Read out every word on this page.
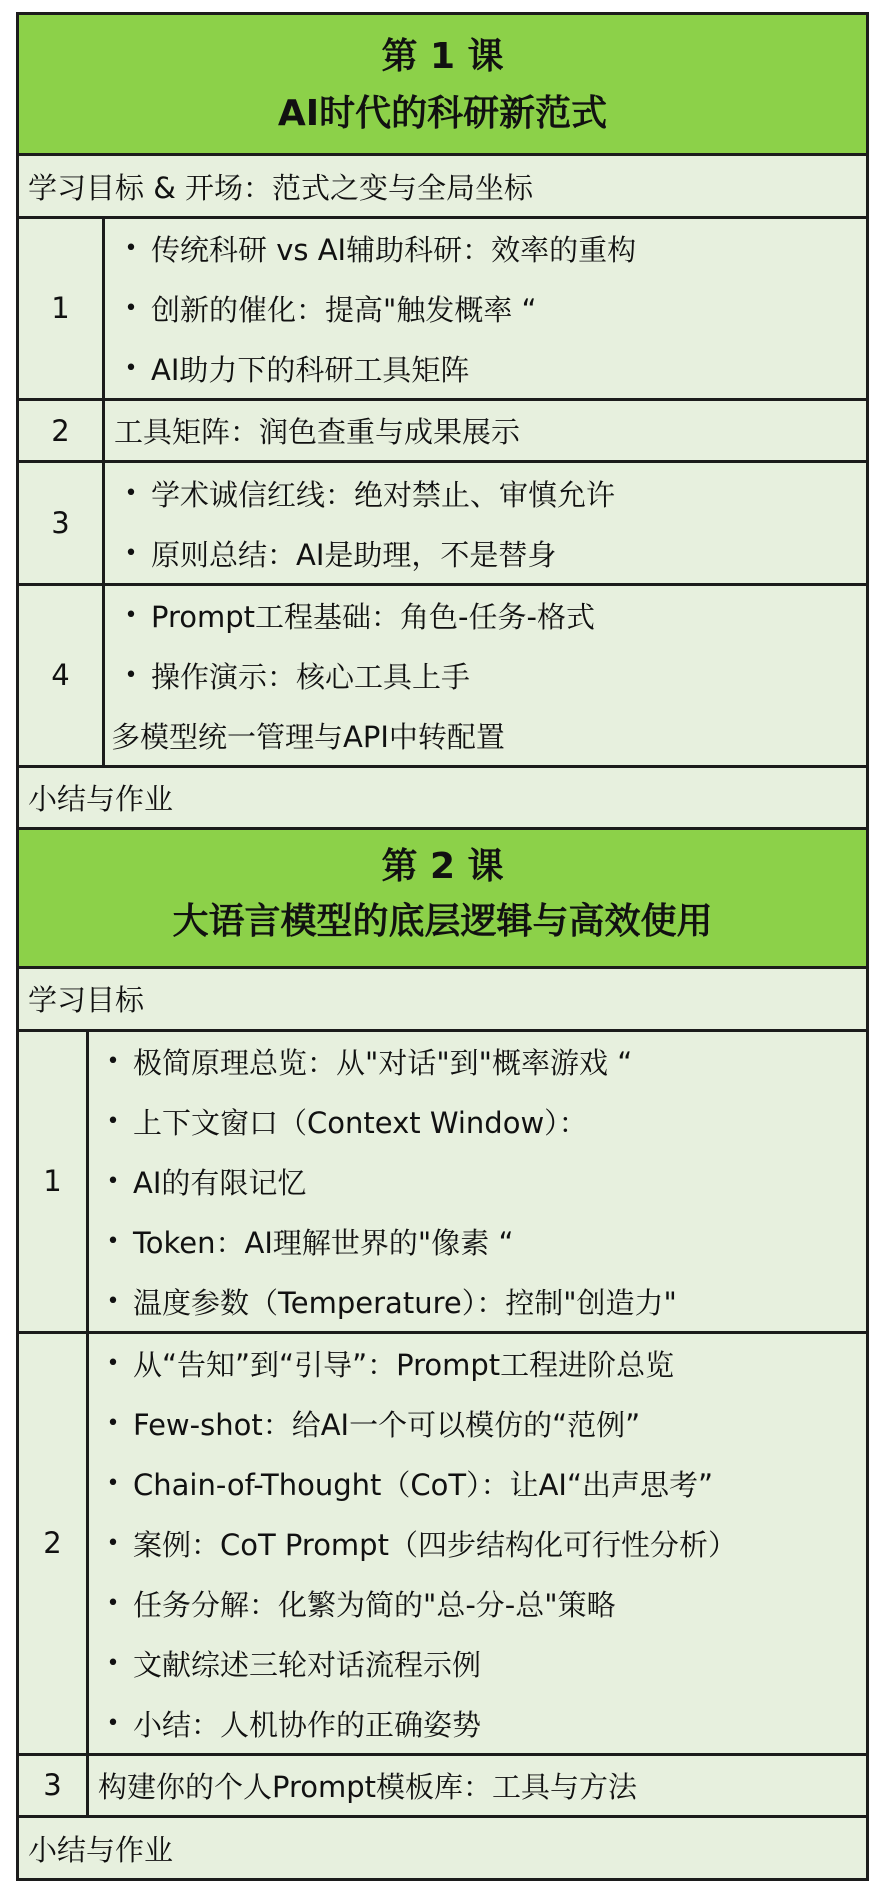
第 1 课
AI时代的科研新范式
学习目标 & 开场：范式之变与全局坐标
1
• 传统科研 vs AI辅助科研：效率的重构
• 创新的催化：提高"触发概率 “
• AI助力下的科研工具矩阵
2	工具矩阵：润色查重与成果展示
3
• 学术诚信红线：绝对禁止、审慎允许
• 原则总结：AI是助理，不是替身
4
• Prompt工程基础：角色-任务-格式
• 操作演示：核心工具上手
多模型统一管理与API中转配置
小结与作业
第 2 课
大语言模型的底层逻辑与高效使用
学习目标
1
• 极简原理总览：从"对话"到"概率游戏 “
• 上下文窗口（Context Window）：
• AI的有限记忆
• Token：AI理解世界的"像素 “
• 温度参数（Temperature）：控制"创造力"
2
• 从“告知”到“引导”：Prompt工程进阶总览
• Few-shot：给AI一个可以模仿的“范例”
• Chain-of-Thought（CoT）：让AI“出声思考”
• 案例：CoT Prompt（四步结构化可行性分析）
• 任务分解：化繁为简的"总-分-总"策略
• 文献综述三轮对话流程示例
• 小结：人机协作的正确姿势
3	构建你的个人Prompt模板库：工具与方法
小结与作业
